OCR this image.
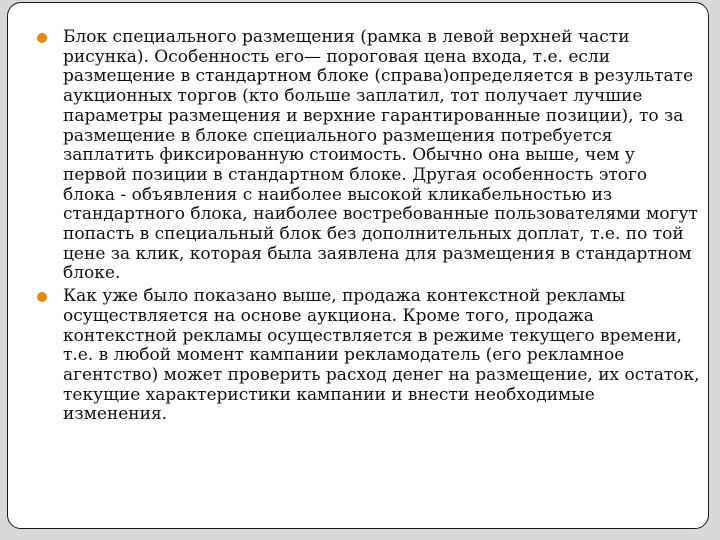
Блок специального размещения (рамка в левой верхней части рисунка). Особенность его— пороговая цена входа, т.е. если размещение в стандартном блоке (справа)определяется в результате аукционных торгов (кто больше заплатил, тот получает лучшие параметры размещения и верхние гарантированные позиции), то за размещение в блоке специального размещения потребуется заплатить фиксированную стоимость. Обычно она выше, чем у первой позиции в стандартном блоке. Другая особенность этого блока - объявления с наиболее высокой кликабельностью из стандартного блока, наиболее востребованные пользователями могут попасть в специальный блок без дополнительных доплат, т.е. по той цене за клик, которая была заявлена для размещения в стандартном блоке.
Как уже было показано выше, продажа контекстной рекламы осуществляется на основе аукциона. Кроме того, продажа контекстной рекламы осуществляется в режиме текущего времени, т.е. в любой момент кампании рекламодатель (его рекламное агентство) может проверить расход денег на размещение, их остаток, текущие характеристики кампании и внести необходимые изменения.
